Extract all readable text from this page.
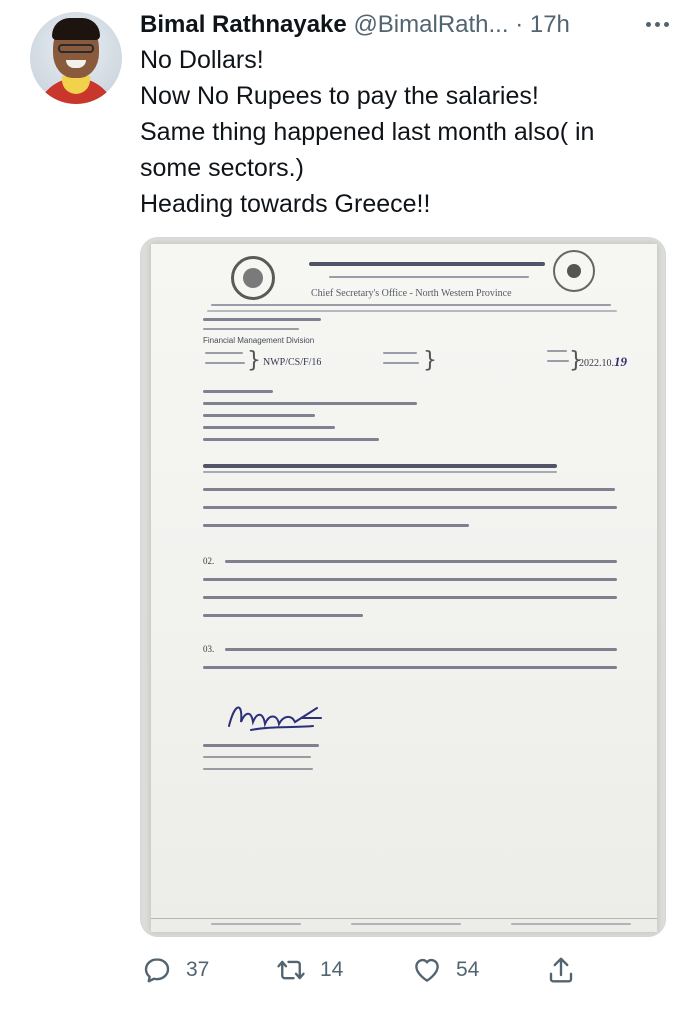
Bimal Rathnayake @BimalRath... · 17h

No Dollars!

Now No Rupees to pay the salaries!

Same thing happened last month also( in

some sectors.)

Heading towards Greece!!

Chief Secretary's Office - North Western Province
Financial Management Division
} NWP/CS/F/16	}	}
2022.10.19
02.
03.
37	14	54
